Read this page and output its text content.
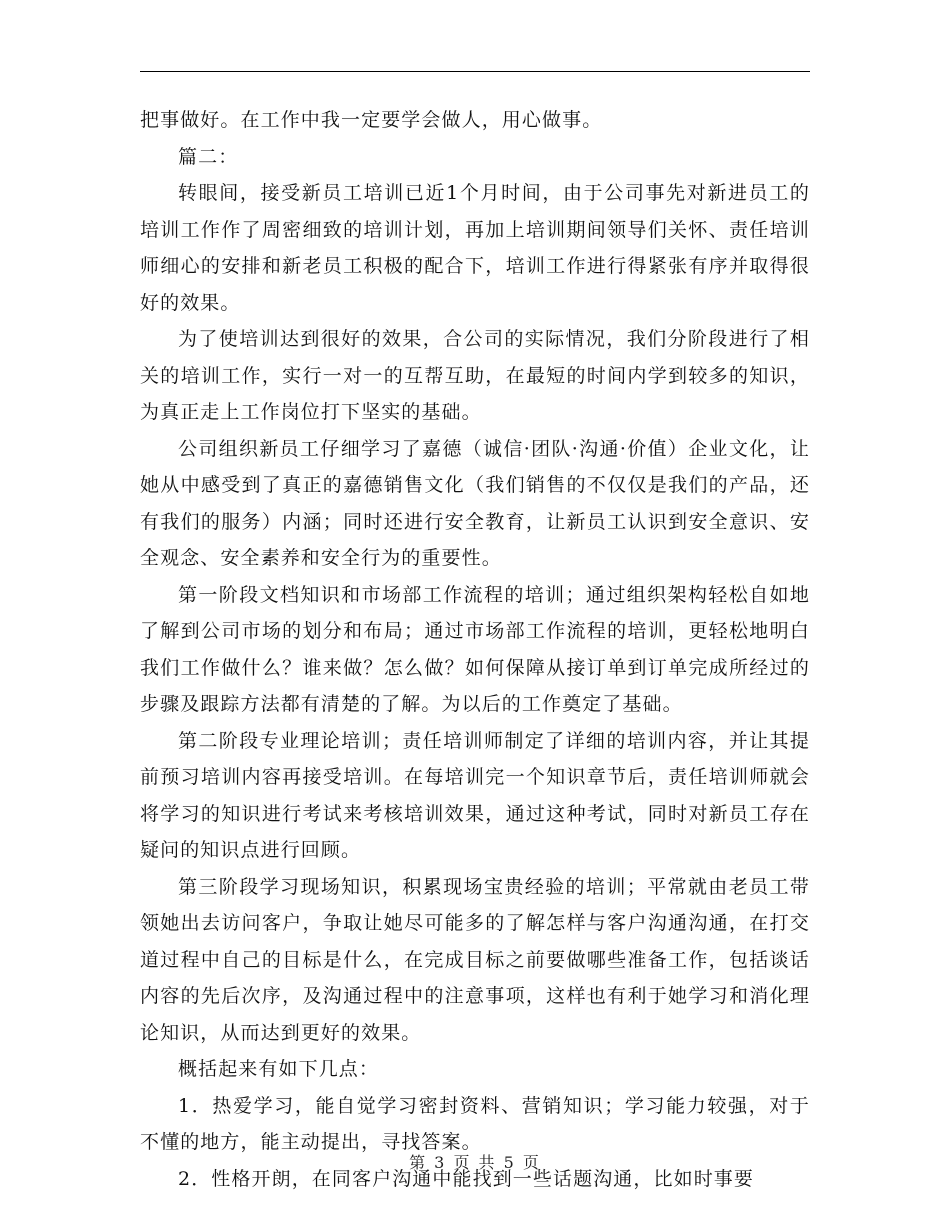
把事做好。在工作中我一定要学会做人，用心做事。

篇二：

转眼间，接受新员工培训已近1个月时间，由于公司事先对新进员工的培训工作作了周密细致的培训计划，再加上培训期间领导们关怀、责任培训师细心的安排和新老员工积极的配合下，培训工作进行得紧张有序并取得很好的效果。

为了使培训达到很好的效果，合公司的实际情况，我们分阶段进行了相关的培训工作，实行一对一的互帮互助，在最短的时间内学到较多的知识，为真正走上工作岗位打下坚实的基础。

公司组织新员工仔细学习了嘉德（诚信·团队·沟通·价值）企业文化，让她从中感受到了真正的嘉德销售文化（我们销售的不仅仅是我们的产品，还有我们的服务）内涵；同时还进行安全教育，让新员工认识到安全意识、安全观念、安全素养和安全行为的重要性。

第一阶段文档知识和市场部工作流程的培训；通过组织架构轻松自如地了解到公司市场的划分和布局；通过市场部工作流程的培训，更轻松地明白我们工作做什么？谁来做？怎么做？如何保障从接订单到订单完成所经过的步骤及跟踪方法都有清楚的了解。为以后的工作奠定了基础。

第二阶段专业理论培训；责任培训师制定了详细的培训内容，并让其提前预习培训内容再接受培训。在每培训完一个知识章节后，责任培训师就会将学习的知识进行考试来考核培训效果，通过这种考试，同时对新员工存在疑问的知识点进行回顾。

第三阶段学习现场知识，积累现场宝贵经验的培训；平常就由老员工带领她出去访问客户，争取让她尽可能多的了解怎样与客户沟通沟通，在打交道过程中自己的目标是什么，在完成目标之前要做哪些准备工作，包括谈话内容的先后次序，及沟通过程中的注意事项，这样也有利于她学习和消化理论知识，从而达到更好的效果。

概括起来有如下几点：

1．热爱学习，能自觉学习密封资料、营销知识；学习能力较强，对于不懂的地方，能主动提出，寻找答案。

2．性格开朗，在同客户沟通中能找到一些话题沟通，比如时事要

第 3 页 共 5 页
